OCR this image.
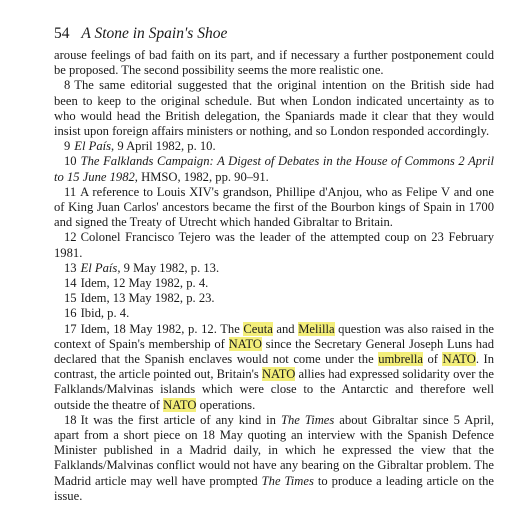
54 A Stone in Spain's Shoe

arouse feelings of bad faith on its part, and if necessary a further postponement could be proposed. The second possibility seems the more realistic one.

8 The same editorial suggested that the original intention on the British side had been to keep to the original schedule. But when London indicated uncertainty as to who would head the British delegation, the Spaniards made it clear that they would insist upon foreign affairs ministers or nothing, and so London responded accordingly.

9 El País, 9 April 1982, p. 10.

10 The Falklands Campaign: A Digest of Debates in the House of Commons 2 April to 15 June 1982, HMSO, 1982, pp. 90–91.

11 A reference to Louis XIV's grandson, Phillipe d'Anjou, who as Felipe V and one of King Juan Carlos' ancestors became the first of the Bourbon kings of Spain in 1700 and signed the Treaty of Utrecht which handed Gibraltar to Britain.

12 Colonel Francisco Tejero was the leader of the attempted coup on 23 February 1981.

13 El País, 9 May 1982, p. 13.

14 Idem, 12 May 1982, p. 4.

15 Idem, 13 May 1982, p. 23.

16 Ibid, p. 4.

17 Idem, 18 May 1982, p. 12. The Ceuta and Melilla question was also raised in the context of Spain's membership of NATO since the Secretary General Joseph Luns had declared that the Spanish enclaves would not come under the umbrella of NATO. In contrast, the article pointed out, Britain's NATO allies had expressed solidarity over the Falklands/Malvinas islands which were close to the Antarctic and therefore well outside the theatre of NATO operations.

18 It was the first article of any kind in The Times about Gibraltar since 5 April, apart from a short piece on 18 May quoting an interview with the Spanish Defence Minister published in a Madrid daily, in which he expressed the view that the Falklands/Malvinas conflict would not have any bearing on the Gibraltar problem. The Madrid article may well have prompted The Times to produce a leading article on the issue.
